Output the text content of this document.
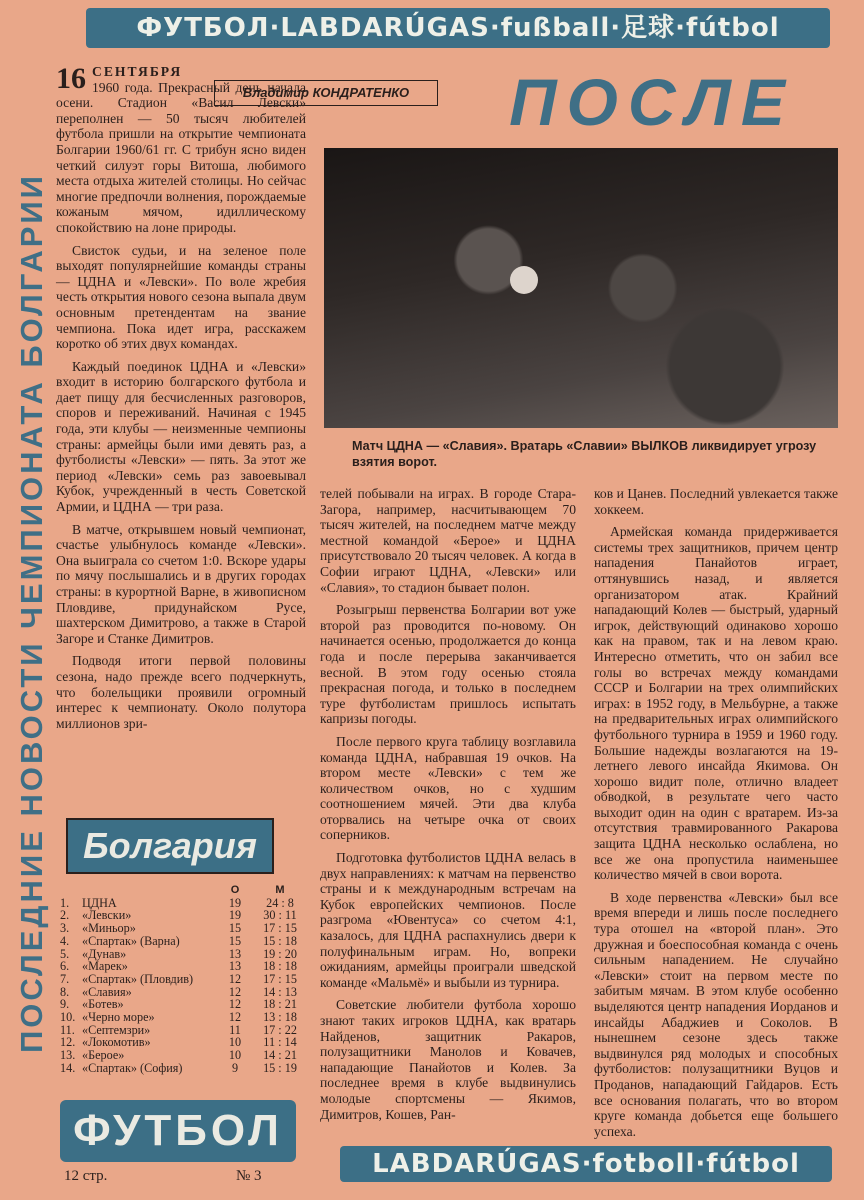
ФУТБОЛ·LABDARÚGAS·fußball·足球·fútbol
ПОСЛЕДНИЕ НОВОСТИ ЧЕМПИОНАТА БОЛГАРИИ
Владимир КОНДРАТЕНКО	ПОСЛЕ
16 СЕНТЯБРЯ

1960 года. Прекрасный день начала осени. Стадион «Васил Левски» переполнен — 50 тысяч любителей футбола пришли на открытие чемпионата Болгарии 1960/61 гг. С трибун ясно виден четкий силуэт горы Витоша, любимого места отдыха жителей столицы. Но сейчас многие предпочли волнения, порождаемые кожаным мячом, идиллическому спокойствию на лоне природы.

Свисток судьи, и на зеленое поле выходят популярнейшие команды страны — ЦДНА и «Левски». По воле жребия честь открытия нового сезона выпала двум основным претендентам на звание чемпиона. Пока идет игра, расскажем коротко об этих двух командах.

Каждый поединок ЦДНА и «Левски» входит в историю болгарского футбола и дает пищу для бесчисленных разговоров, споров и переживаний. Начиная с 1945 года, эти клубы — неизменные чемпионы страны: армейцы были ими девять раз, а футболисты «Левски» — пять. За этот же период «Левски» семь раз завоевывал Кубок, учрежденный в честь Советской Армии, и ЦДНА — три раза.

В матче, открывшем новый чемпионат, счастье улыбнулось команде «Левски». Она выиграла со счетом 1:0. Вскоре удары по мячу послышались и в других городах страны: в курортной Варне, в живописном Пловдиве, придунайском Русе, шахтерском Димитрово, а также в Старой Загоре и Станке Димитров.

Подводя итоги первой половины сезона, надо прежде всего подчеркнуть, что болельщики проявили огромный интерес к чемпионату. Около полутора миллионов зри-

Матч ЦДНА — «Славия». Вратарь «Славии» ВЫЛКОВ ликвидирует угрозу взятия ворот.

телей побывали на играх. В городе Стара-Загора, например, насчитывающем 70 тысяч жителей, на последнем матче между местной командой «Берое» и ЦДНА присутствовало 20 тысяч человек. А когда в Софии играют ЦДНА, «Левски» или «Славия», то стадион бывает полон.

Розыгрыш первенства Болгарии вот уже второй раз проводится по-новому. Он начинается осенью, продолжается до конца года и после перерыва заканчивается весной. В этом году осенью стояла прекрасная погода, и только в последнем туре футболистам пришлось испытать капризы погоды.

После первого круга таблицу возглавила команда ЦДНА, набравшая 19 очков. На втором месте «Левски» с тем же количеством очков, но с худшим соотношением мячей. Эти два клуба оторвались на четыре очка от своих соперников.

Подготовка футболистов ЦДНА велась в двух направлениях: к матчам на первенство страны и к международным встречам на Кубок европейских чемпионов. После разгрома «Ювентуса» со счетом 4:1, казалось, для ЦДНА распахнулись двери к полуфинальным играм. Но, вопреки ожиданиям, армейцы проиграли шведской команде «Мальмё» и выбыли из турнира.

Советские любители футбола хорошо знают таких игроков ЦДНА, как вратарь Найденов, защитник Ракаров, полузащитники Манолов и Ковачев, нападающие Панайотов и Колев. За последнее время в клубе выдвинулись молодые спортсмены — Якимов, Димитров, Кошев, Ран-

ков и Цанев. Последний увлекается также хоккеем.

Армейская команда придерживается системы трех защитников, причем центр нападения Панайотов играет, оттянувшись назад, и является организатором атак. Крайний нападающий Колев — быстрый, ударный игрок, действующий одинаково хорошо как на правом, так и на левом краю. Интересно отметить, что он забил все голы во встречах между командами СССР и Болгарии на трех олимпийских играх: в 1952 году, в Мельбурне, а также на предварительных играх олимпийского футбольного турнира в 1959 и 1960 году. Большие надежды возлагаются на 19-летнего левого инсайда Якимова. Он хорошо видит поле, отлично владеет обводкой, в результате чего часто выходит один на один с вратарем. Из-за отсутствия травмированного Ракарова защита ЦДНА несколько ослаблена, но все же она пропустила наименьшее количество мячей в свои ворота.

В ходе первенства «Левски» был все время впереди и лишь после последнего тура отошел на «второй план». Это дружная и боеспособная команда с очень сильным нападением. Не случайно «Левски» стоит на первом месте по забитым мячам. В этом клубе особенно выделяются центр нападения Иорданов и инсайды Абаджиев и Соколов. В нынешнем сезоне здесь также выдвинулся ряд молодых и способных футболистов: полузащитники Вуцов и Проданов, нападающий Гайдаров. Есть все основания полагать, что во втором круге команда добьется еще большего успеха.

Болгария
		О	М
1.	ЦДНА	19	24 : 8
2.	«Левски»	19	30 : 11
3.	«Миньор»	15	17 : 15
4.	«Спартак» (Варна)	15	15 : 18
5.	«Дунав»	13	19 : 20
6.	«Марек»	13	18 : 18
7.	«Спартак» (Пловдив)	12	17 : 15
8.	«Славия»	12	14 : 13
9.	«Ботев»	12	18 : 21
10.	«Черно море»	12	13 : 18
11.	«Септемзри»	11	17 : 22
12.	«Локомотив»	10	11 : 14
13.	«Берое»	10	14 : 21
14.	«Спартак» (София)	9	15 : 19
ФУТБОЛ
12 стр.	№ 3	LABDARÚGAS·fotboll·fútbol
